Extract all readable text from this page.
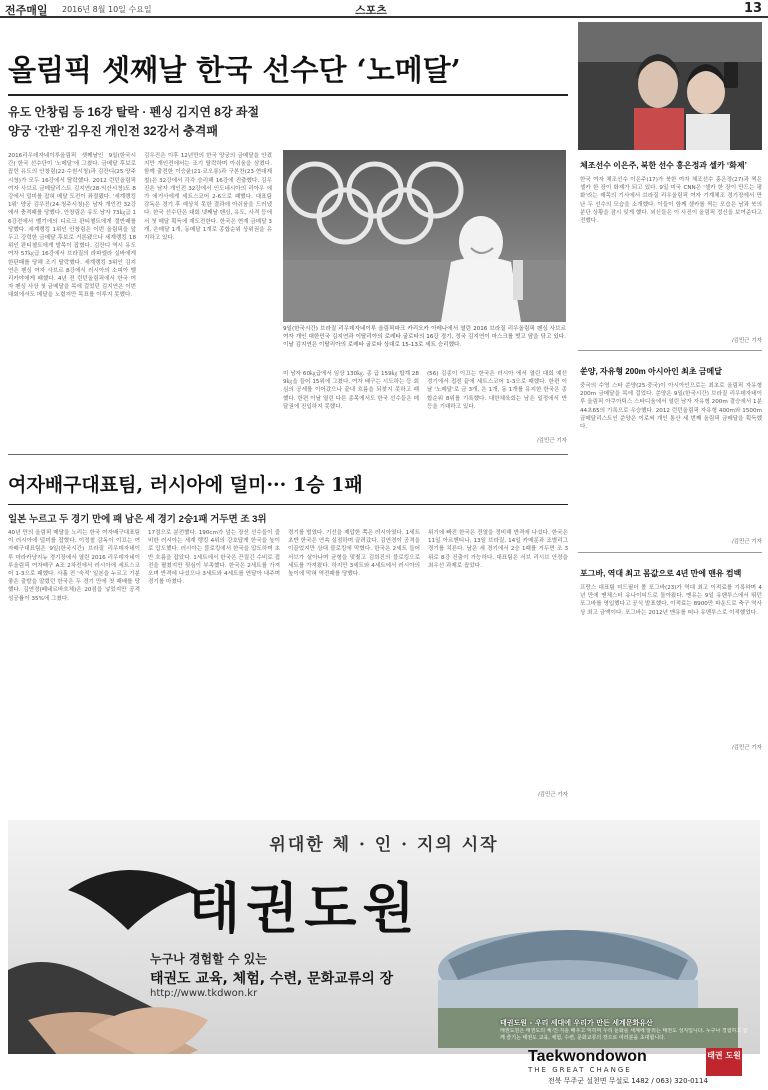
전주매일 2016년 8월 10일 수요일	스포츠	13
올림픽 셋째날 한국 선수단 ‘노메달’
유도 안창림 등 16강 탈락 · 펜싱 김지연 8강 좌절
양궁 ‘간판’ 김우진 개인전 32강서 충격패
2016리우데자네이루올림픽 셋째날인 9일(한국시간) 한국 선수단이 '노메달'에 그쳤다. 금메달 후보로 꼽힌 유도의 안창림(22·수원시청)과 김잔디(25·양주시청)가 모두 16강에서 탈락했다. 2012 런던올림픽 여자 사브르 금메달리스트 김지연(28·익산시청)도 8강에서 덜미를 잡혀 메달 도전이 좌절됐다. '세계랭킹 1위' 양궁 김우진(24·청주시청)은 남자 개인전 32강에서 충격패를 당했다. 안창림은 유도 남자 73㎏급 16강전에서 벨기에의 디르크 판티첼트에게 절반패를 당했다. 세계랭킹 1위인 안창림은 이번 올림픽을 앞두고 강력한 금메달 후보로 거론됐으나 세계랭킹 18위인 판티첼트에게 발목이 잡혔다. 김잔디 역시 유도 여자 57㎏급 16강에서 브라질의 라파엘라 실바에게 한판패를 당해 조기 탈락했다. 세계랭킹 3위인 김지연은 펜싱 여자 사브르 8강에서 러시아의 소피아 벨리카야에게 패했다. 4년 전 런던올림픽에서 한국 여자 펜싱 사상 첫 금메달을 목에 걸었던 김지연은 이번 대회에서도 메달을 노렸지만 목표를 이루지 못했다.
김우진은 이후 12년만의 한국 양궁의 금메달을 안겼지만 개인전에서는 조기 탈락하며 아쉬움을 삼켰다. 함께 출전한 이승윤(21·코오롱)과 구본찬(23·현대제철)은 32강에서 각각 승리해 16강에 진출했다. 김우진은 남자 개인전 32강에서 인도네시아의 리아우 에가 에거사에게 세트스코어 2-6으로 패했다. 대표팀 감독은 경기 후 예상치 못한 결과에 아쉬움을 드러냈다. 한국 선수단은 대회 넷째날 펜싱, 유도, 사격 등에서 첫 메달 획득에 재도전한다. 한국은 현재 금메달 3개, 은메달 1개, 동메달 1개로 종합순위 상위권을 유지하고 있다.
9일(한국시간) 브라질 리우데자네이루 올림픽파크 카리오카 아레나에서 열린 2016 브라질 리우올림픽 펜싱 사브르 여자 개인 대한민국 김지연과 이탈리아의 로레타 굴로타의 16강 경기, 정국 김지연이 마스크를 벗고 땀을 닦고 있다. 이날 김지연은 이탈리아의 로레타 굴로타 상대로 15-13로 세트 승리했다.
미 남자 60㎏급에서 임상 130㎏. 종 급 159㎏ 합계 289㎏을 들어 15위에 그쳤다. 여자 배구는 시도하는 등 회심의 공세를 이어갔으나 끝내 흐름을 되찾지 못하고 패했다. 한편 이날 열린 다른 종목에서도 한국 선수들은 메달권에 진입하지 못했다.
(56) 김종이 이끄는 한국은 러시아 에서 열린 대회 예선 경기에서 접전 끝에 세트스코어 1-3으로 패했다. 한편 이날 '노메달'로 금 3개, 은 1개, 동 1개를 유지한 한국은 종합순위 8위를 기록했다. 대한체육회는 남은 일정에서 반등을 기대하고 있다.
/김민근 기자
여자배구대표팀, 러시아에 덜미··· 1승 1패
일본 누르고 두 경기 만에 패 남은 세 경기 2승1패 거두면 조 3위
40년 만의 올림픽 메달을 노리는 한국 여자배구대표팀이 러시아에 덜미를 잡혔다. 이정철 감독이 이끄는 여자배구대표팀은 9일(한국시간) 브라질 리우데자네이루 마라카냥지뉴 경기장에서 열린 2016 리우데자네이루올림픽 여자배구 A조 2차전에서 러시아에 세트스코어 1-3으로 패했다. 사흘 전 '숙적' 일본을 누르고 기분 좋은 출발을 알렸던 한국은 두 경기 만에 첫 패배를 당했다. 김연경(페네르바흐체)은 20점을 넣었지만 공격 성공률이 35%에 그쳤다.
17점으로 분전했다. 190cm가 넘는 장신 선수들이 즐비한 러시아는 세계 랭킹 4위의 강호답게 한국을 높이로 압도했다. 러시아는 블로킹에서 한국을 압도하며 초반 흐름을 잡았다. 1세트에서 한국은 끈질긴 수비로 접전을 펼쳤지만 뒷심이 부족했다. 한국은 2세트를 가져오며 반격에 나섰으나 3세트와 4세트를 연달아 내주며 경기를 마쳤다.
경기를 벌였다. 기선을 제압한 쪽은 러시아였다. 1세트 초반 한국은 연속 실점하며 끌려갔다. 김연경이 공격을 이끌었지만 상대 블로킹에 막혔다. 한국은 2세트 들어 서브가 살아나며 균형을 맞췄고 김희진의 블로킹으로 세트를 가져왔다. 하지만 3세트와 4세트에서 러시아의 높이에 막혀 역전패를 당했다.
위기에 빠진 한국은 전열을 정비해 반격에 나섰다. 한국은 11일 아르헨티나, 13일 브라질, 14일 카메룬과 조별리그 경기를 치른다. 남은 세 경기에서 2승 1패를 거두면 조 3위로 8강 진출이 가능하다. 대표팀은 서브 리시브 안정을 최우선 과제로 꼽았다.
/김민근 기자
체조선수 이은주, 북한 선수 홍은정과 셀카 ‘화제’
한국 여자 체조선수 이은주(17)가 북한 여자 체조선수 홍은정(27)과 찍은 셀카 한 장이 화제가 되고 있다. 9일 미국 CNN은 '셀카 한 장이 만드는 평화'라는 제목의 기사에서 브라질 리우올림픽 여자 기계체조 경기장에서 만난 두 선수의 모습을 소개했다. 이들이 함께 셀카를 찍는 모습은 남과 북의 분단 상황을 잠시 잊게 했다. 외신들은 이 사진이 올림픽 정신을 보여준다고 전했다.
/김민근 기자
쑨양, 자유형 200m 아시아인 최초 금메달
중국의 수영 스타 쑨양(25·중국)이 아시아인으로는 최초로 올림픽 자유형 200m 금메달을 목에 걸었다. 쑨양은 9일(한국시간) 브라질 리우데자네이루 올림픽 아쿠아틱스 스타디움에서 열린 남자 자유형 200m 결승에서 1분44초65의 기록으로 우승했다. 2012 런던올림픽 자유형 400m와 1500m 금메달리스트인 쑨양은 이로써 개인 통산 세 번째 올림픽 금메달을 획득했다.
/김민근 기자
포그바, 역대 최고 몸값으로 4년 만에 맨유 컴백
프랑스 대표팀 미드필더 폴 포그바(23)가 역대 최고 이적료를 기록하며 4년 만에 맨체스터 유나이티드로 돌아왔다. 맨유는 9일 유벤투스에서 뛰던 포그바를 영입했다고 공식 발표했다. 이적료는 8900만 파운드로 축구 역사상 최고 금액이다. 포그바는 2012년 맨유를 떠나 유벤투스로 이적했었다.
/김민근 기자
위대한 체 · 인 · 지의 시작
태권도원
누구나 경험할 수 있는
태권도 교육, 체험, 수련, 문화교류의 장
http://www.tkdwon.kr
태권도원 - 우리 세대에 우리가 만든 세계문화유산
태권도원은 태권도의 체·인·지를 배우고 익히며 우리 문화를 세계에 알리는 태권도 성지입니다. 누구나 경험하고 함께 즐기는 태권도 교육, 체험, 수련, 문화교류의 장으로 여러분을 초대합니다.
Taekwondowon
THE GREAT CHANGE
태권 도원
전북 무주군 설천면 무설로 1482 / 063) 320-0114
